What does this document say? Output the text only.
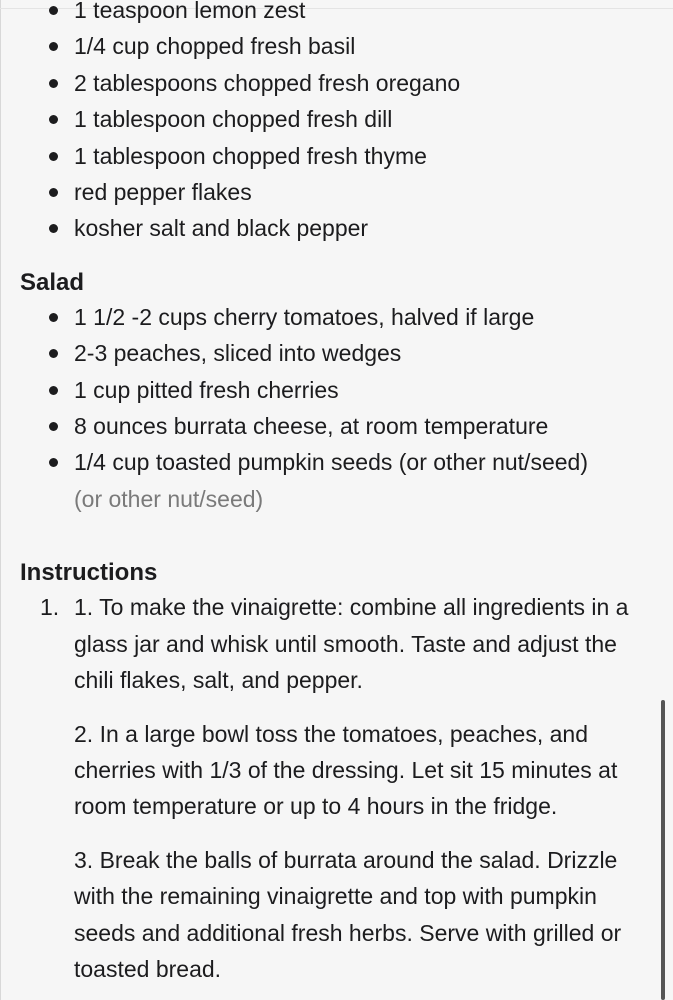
1 teaspoon lemon zest
1/4 cup chopped fresh basil
2 tablespoons chopped fresh oregano
1 tablespoon chopped fresh dill
1 tablespoon chopped fresh thyme
red pepper flakes
kosher salt and black pepper
Salad
1 1/2 -2 cups cherry tomatoes, halved if large
2-3 peaches, sliced into wedges
1 cup pitted fresh cherries
8 ounces burrata cheese, at room temperature
1/4 cup toasted pumpkin seeds (or other nut/seed)
(or other nut/seed)
Instructions
1. 1. To make the vinaigrette: combine all ingredients in a glass jar and whisk until smooth. Taste and adjust the chili flakes, salt, and pepper.

2. In a large bowl toss the tomatoes, peaches, and cherries with 1/3 of the dressing. Let sit 15 minutes at room temperature or up to 4 hours in the fridge.

3. Break the balls of burrata around the salad. Drizzle with the remaining vinaigrette and top with pumpkin seeds and additional fresh herbs. Serve with grilled or toasted bread.
